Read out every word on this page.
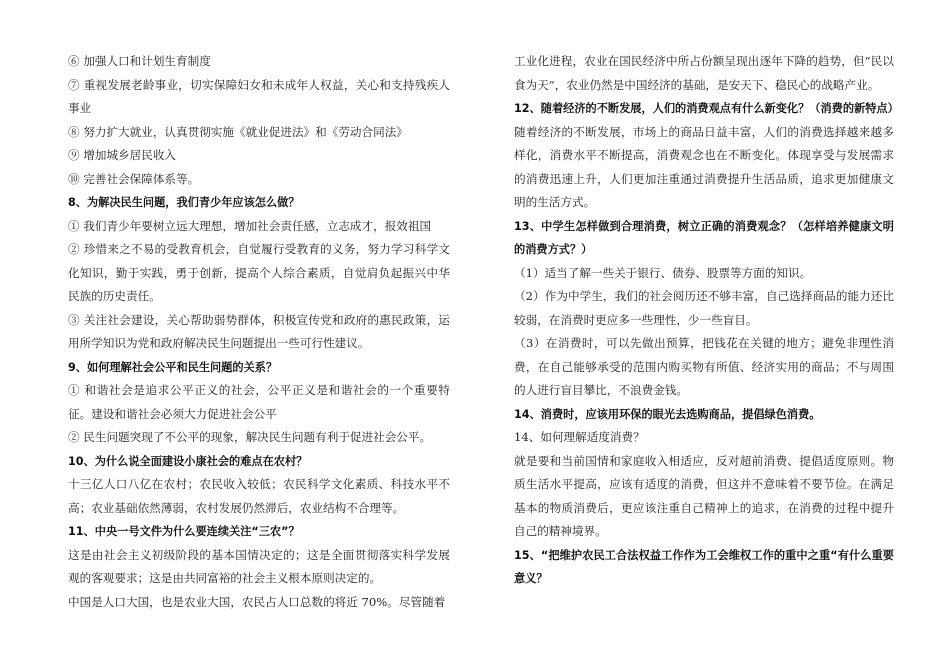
⑥ 加强人口和计划生育制度

⑦ 重视发展老龄事业，切实保障妇女和未成年人权益，关心和支持残疾人事业

⑧ 努力扩大就业，认真贯彻实施《就业促进法》和《劳动合同法》

⑨ 增加城乡居民收入

⑩ 完善社会保障体系等。

8、为解决民生问题，我们青少年应该怎么做？

① 我们青少年要树立远大理想，增加社会责任感，立志成才，报效祖国

② 珍惜来之不易的受教育机会，自觉履行受教育的义务，努力学习科学文化知识，勤于实践，勇于创新，提高个人综合素质，自觉肩负起振兴中华民族的历史责任。

③ 关注社会建设，关心帮助弱势群体，积极宣传党和政府的惠民政策，运用所学知识为党和政府解决民生问题提出一些可行性建议。

9、如何理解社会公平和民生问题的关系？

① 和谐社会是追求公平正义的社会，公平正义是和谐社会的一个重要特征。建设和谐社会必须大力促进社会公平

② 民生问题突现了不公平的现象，解决民生问题有利于促进社会公平。

10、为什么说全面建设小康社会的难点在农村？

十三亿人口八亿在农村；农民收入较低；农民科学文化素质、科技水平不高；农业基础依然薄弱，农村发展仍然滞后，农业结构不合理等。

11、中央一号文件为什么要连续关注“三农”？

这是由社会主义初级阶段的基本国情决定的；这是全面贯彻落实科学发展观的客观要求；这是由共同富裕的社会主义根本原则决定的。

中国是人口大国，也是农业大国，农民占人口总数的将近 70%。尽管随着

工业化进程，农业在国民经济中所占份额呈现出逐年下降的趋势，但“民以食为天”，农业仍然是中国经济的基础，是安天下、稳民心的战略产业。

12、随着经济的不断发展，人们的消费观点有什么新变化？（消费的新特点）

随着经济的不断发展，市场上的商品日益丰富，人们的消费选择越来越多样化，消费水平不断提高，消费观念也在不断变化。体现享受与发展需求的消费迅速上升，人们更加注重通过消费提升生活品质，追求更加健康文明的生活方式。

13、中学生怎样做到合理消费，树立正确的消费观念？（怎样培养健康文明的消费方式？）

（1）适当了解一些关于银行、债券、股票等方面的知识。

（2）作为中学生，我们的社会阅历还不够丰富，自己选择商品的能力还比较弱，在消费时更应多一些理性，少一些盲目。

（3）在消费时，可以先做出预算，把钱花在关键的地方；避免非理性消费，在自己能够承受的范围内购买物有所值、经济实用的商品；不与周围的人进行盲目攀比，不浪费金钱。

14、消费时，应该用环保的眼光去选购商品，提倡绿色消费。

14、如何理解适度消费？

就是要和当前国情和家庭收入相适应，反对超前消费、提倡适度原则。物质生活水平提高，应该有适度的消费，但这并不意味着不要节俭。在满足基本的物质消费后，更应该注重自己精神上的追求，在消费的过程中提升自己的精神境界。

15、“把维护农民工合法权益工作作为工会维权工作的重中之重“有什么重要意义？
